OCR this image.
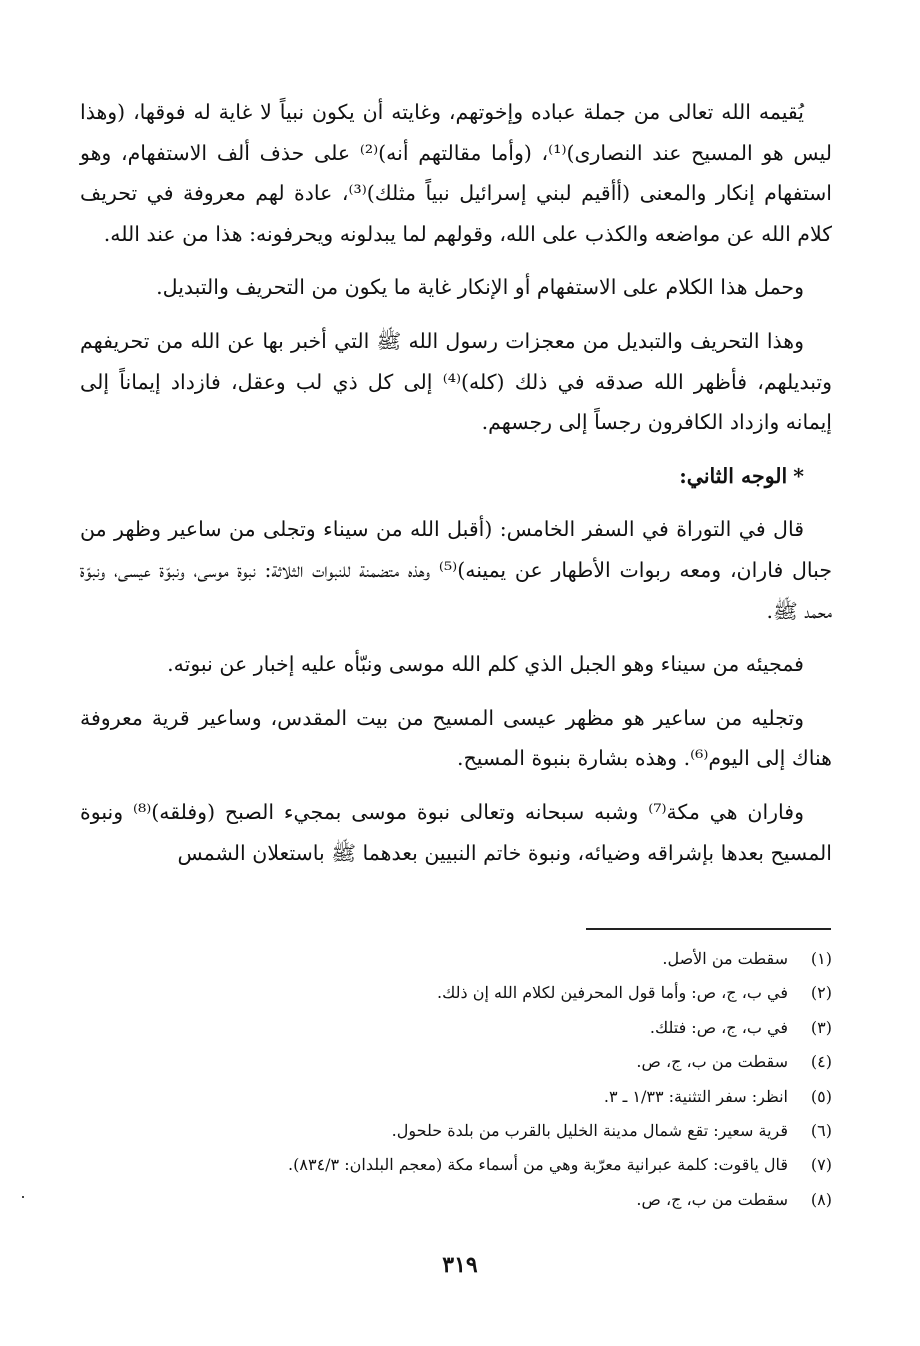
يُقيمه الله تعالى من جملة عباده وإخوتهم، وغايته أن يكون نبياً لا غاية له فوقها، (وهذا ليس هو المسيح عند النصارى)⁽¹⁾، (وأما مقالتهم أنه)⁽²⁾ على حذف ألف الاستفهام، وهو استفهام إنكار والمعنى (أأقيم لبني إسرائيل نبياً مثلك)⁽³⁾، عادة لهم معروفة في تحريف كلام الله عن مواضعه والكذب على الله، وقولهم لما يبدلونه ويحرفونه: هذا من عند الله.

وحمل هذا الكلام على الاستفهام أو الإنكار غاية ما يكون من التحريف والتبديل.

وهذا التحريف والتبديل من معجزات رسول الله ﷺ التي أخبر بها عن الله من تحريفهم وتبديلهم، فأظهر الله صدقه في ذلك (كله)⁽⁴⁾ إلى كل ذي لب وعقل، فازداد إيماناً إلى إيمانه وازداد الكافرون رجساً إلى رجسهم.

*الوجه الثاني:

قال في التوراة في السفر الخامس: (أقبل الله من سيناء وتجلى من ساعير وظهر من جبال فاران، ومعه ربوات الأطهار عن يمينه)⁽⁵⁾ وهذه متضمنة للنبوات الثلاثة: نبوة موسى، ونبوّة عيسى، ونبوّة محمد ﷺ.

فمجيئه من سيناء وهو الجبل الذي كلم الله موسى ونبّأه عليه إخبار عن نبوته.

وتجليه من ساعير هو مظهر عيسى المسيح من بيت المقدس، وساعير قرية معروفة هناك إلى اليوم⁽⁶⁾. وهذه بشارة بنبوة المسيح.

وفاران هي مكة⁽⁷⁾ وشبه سبحانه وتعالى نبوة موسى بمجيء الصبح (وفلقه)⁽⁸⁾ ونبوة المسيح بعدها بإشراقه وضيائه، ونبوة خاتم النبيين بعدهما ﷺ باستعلان الشمس

(١)سقطت من الأصل.
(٢)في ب، ج، ص: وأما قول المحرفين لكلام الله إن ذلك.
(٣)في ب، ج، ص: فتلك.
(٤)سقطت من ب، ج، ص.
(٥)انظر: سفر التثنية: ١/٣٣ ـ ٣.
(٦)قرية سعير: تقع شمال مدينة الخليل بالقرب من بلدة حلحول.
(٧)قال ياقوت: كلمة عبرانية معرّبة وهي من أسماء مكة (معجم البلدان: ٨٣٤/٣).
(٨)سقطت من ب، ج، ص.
٣١٩
